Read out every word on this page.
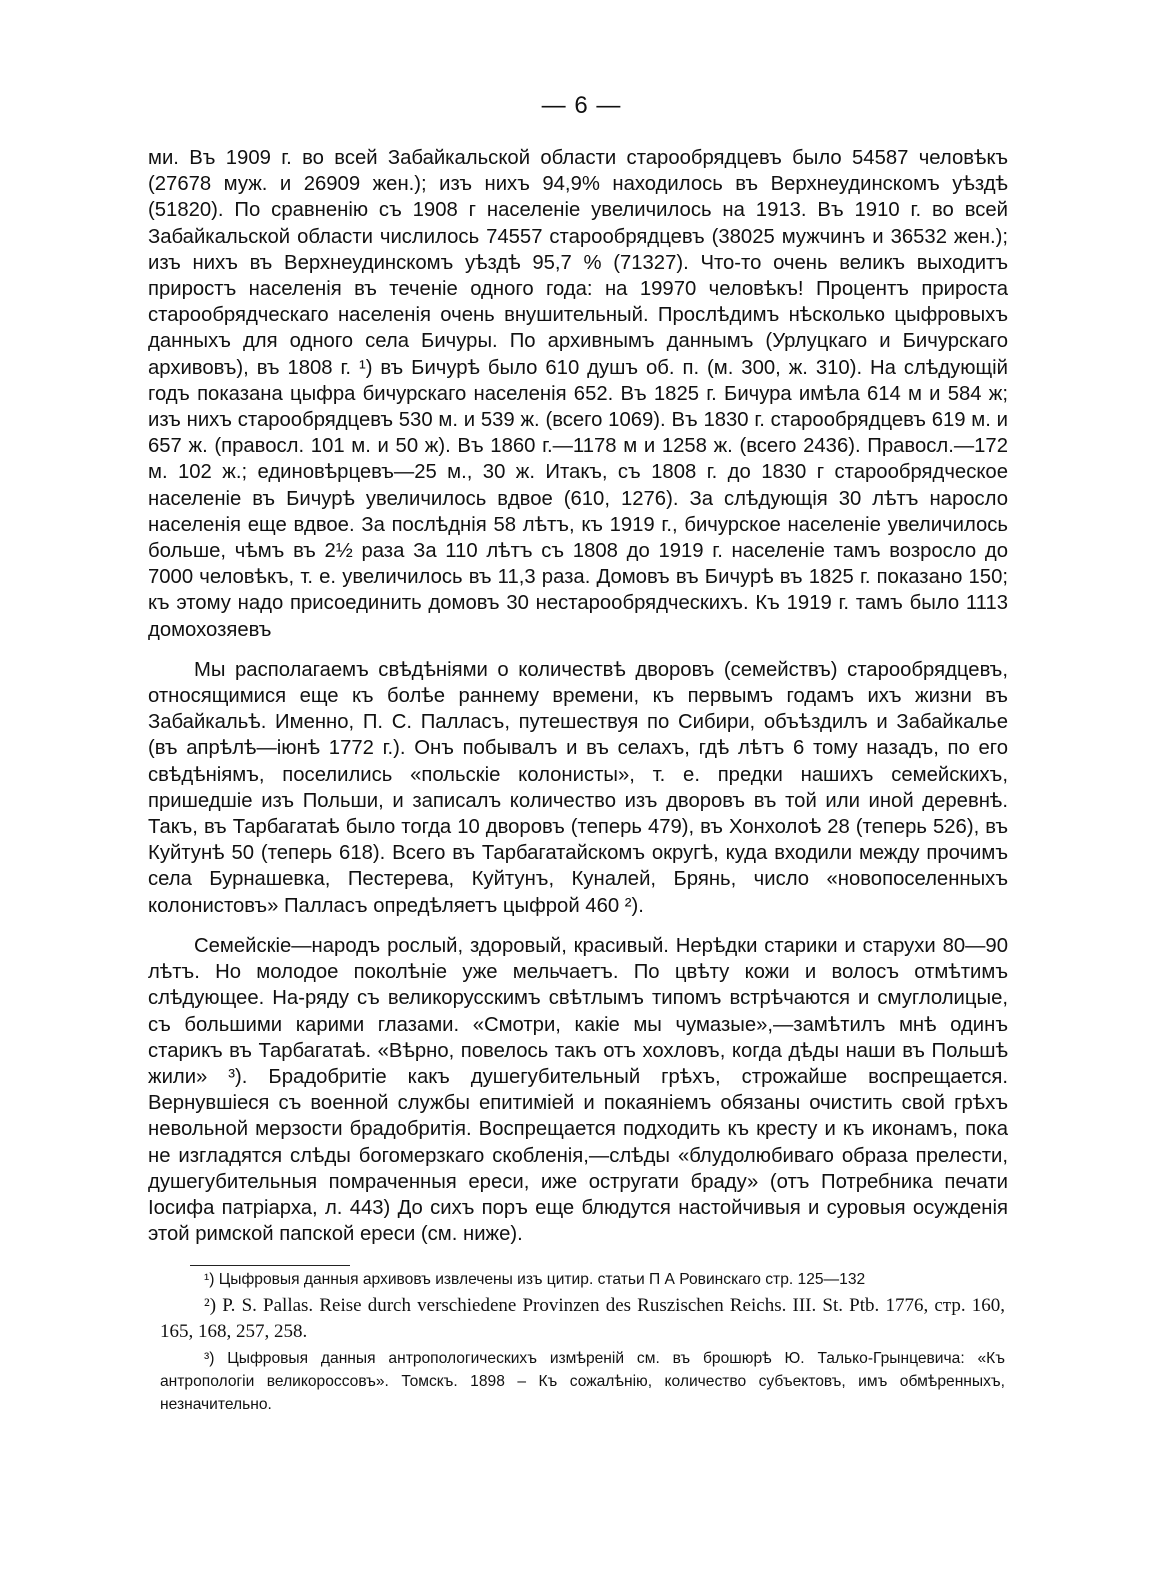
— 6 —

ми. Въ 1909 г. во всей Забайкальской области старообрядцевъ было 54587 человѣкъ (27678 муж. и 26909 жен.); изъ нихъ 94,9% находилось въ Верхнеудинскомъ уѣздѣ (51820). По сравненію съ 1908 г населеніе увеличилось на 1913. Въ 1910 г. во всей Забайкальской области числилось 74557 старообрядцевъ (38025 мужчинъ и 36532 жен.); изъ нихъ въ Верхнеудинскомъ уѣздѣ 95,7 % (71327). Что-то очень великъ выходитъ приростъ населенія въ теченіе одного года: на 19970 человѣкъ! Процентъ прироста старообрядческаго населенія очень внушительный. Прослѣдимъ нѣсколько цыфровыхъ данныхъ для одного села Бичуры. По архивнымъ даннымъ (Урлуцкаго и Бичурскаго архивовъ), въ 1808 г. ¹) въ Бичурѣ было 610 душъ об. п. (м. 300, ж. 310). На слѣдующій годъ показана цыфра бичурскаго населенія 652. Въ 1825 г. Бичура имѣла 614 м и 584 ж; изъ нихъ старообрядцевъ 530 м. и 539 ж. (всего 1069). Въ 1830 г. старообрядцевъ 619 м. и 657 ж. (правосл. 101 м. и 50 ж). Въ 1860 г.—1178 м и 1258 ж. (всего 2436). Правосл.—172 м. 102 ж.; единовѣрцевъ—25 м., 30 ж. Итакъ, съ 1808 г. до 1830 г старообрядческое населеніе въ Бичурѣ увеличилось вдвое (610, 1276). За слѣдующія 30 лѣтъ наросло населенія еще вдвое. За послѣднія 58 лѣтъ, къ 1919 г., бичурское населеніе увеличилось больше, чѣмъ въ 2½ раза За 110 лѣтъ съ 1808 до 1919 г. населеніе тамъ возросло до 7000 человѣкъ, т. е. увеличилось въ 11,3 раза. Домовъ въ Бичурѣ въ 1825 г. показано 150; къ этому надо присоединить домовъ 30 нестарообрядческихъ. Къ 1919 г. тамъ было 1113 домохозяевъ

Мы располагаемъ свѣдѣніями о количествѣ дворовъ (семействъ) старообрядцевъ, относящимися еще къ болѣе раннему времени, къ первымъ годамъ ихъ жизни въ Забайкальѣ. Именно, П. С. Палласъ, путешествуя по Сибири, объѣздилъ и Забайкалье (въ апрѣлѣ—іюнѣ 1772 г.). Онъ побывалъ и въ селахъ, гдѣ лѣтъ 6 тому назадъ, по его свѣдѣніямъ, поселились «польскіе колонисты», т. е. предки нашихъ семейскихъ, пришедшіе изъ Польши, и записалъ количество изъ дворовъ въ той или иной деревнѣ. Такъ, въ Тарбагатаѣ было тогда 10 дворовъ (теперь 479), въ Хонхолоѣ 28 (теперь 526), въ Куйтунѣ 50 (теперь 618). Всего въ Тарбагатайскомъ округѣ, куда входили между прочимъ села Бурнашевка, Пестерева, Куйтунъ, Куналей, Брянь, число «новопоселенныхъ колонистовъ» Палласъ опредѣляетъ цыфрой 460 ²).

Семейскіе—народъ рослый, здоровый, красивый. Нерѣдки старики и старухи 80—90 лѣтъ. Но молодое поколѣніе уже мельчаетъ. По цвѣту кожи и волосъ отмѣтимъ слѣдующее. На-ряду съ великорусскимъ свѣтлымъ типомъ встрѣчаются и смуглолицые, съ большими карими глазами. «Смотри, какіе мы чумазые»,—замѣтилъ мнѣ одинъ старикъ въ Тарбагатаѣ. «Вѣрно, повелось такъ отъ хохловъ, когда дѣды наши въ Польшѣ жили» ³). Брадобритіе какъ душегубительный грѣхъ, строжайше воспрещается. Вернувшіеся съ военной службы епитиміей и покаяніемъ обязаны очистить свой грѣхъ невольной мерзости брадобритія. Воспрещается подходить къ кресту и къ иконамъ, пока не изгладятся слѣды богомерзкаго скобленія,—слѣды «блудолюбиваго образа прелести, душегубительныя помраченныя ереси, иже остругати браду» (отъ Потребника печати Іосифа патріарха, л. 443) До сихъ поръ еще блюдутся настойчивыя и суровыя осужденія этой римской папской ереси (см. ниже).

¹) Цыфровыя данныя архивовъ извлечены изъ цитир. статьи П А Ровинскаго стр. 125—132

²) P. S. Pallas. Reise durch verschiedene Provinzen des Ruszischen Reichs. III. St. Ptb. 1776, стр. 160, 165, 168, 257, 258.

³) Цыфровыя данныя антропологическихъ измѣреній см. въ брошюрѣ Ю. Талько-Грынцевича: «Къ антропологіи великороссовъ». Томскъ. 1898 – Къ сожалѣнію, количество субъектовъ, имъ обмѣренныхъ, незначительно.
